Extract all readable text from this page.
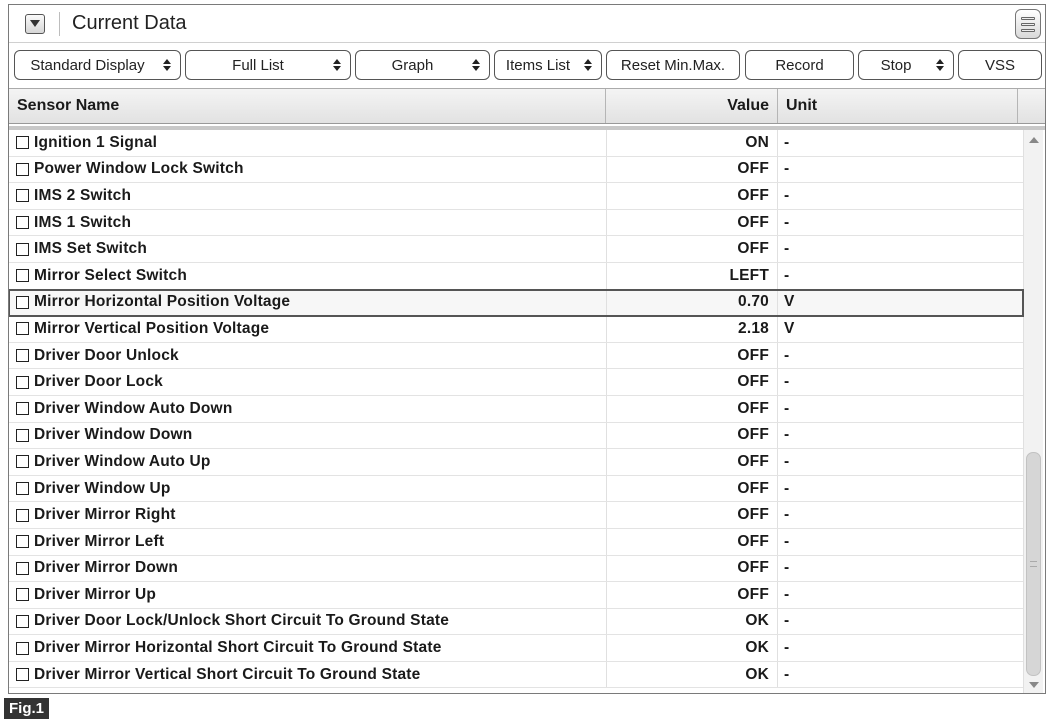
Current Data
Standard Display	Full List	Graph	Items List	Reset Min.Max.	Record	Stop	VSS
Sensor Name	Value	Unit
Ignition 1 Signal	ON -
Power Window Lock Switch	OFF -
IMS 2 Switch	OFF -
IMS 1 Switch	OFF -
IMS Set Switch	OFF -
Mirror Select Switch	LEFT -
Mirror Horizontal Position Voltage	0.70 V
Mirror Vertical Position Voltage	2.18 V
Driver Door Unlock	OFF -
Driver Door Lock	OFF -
Driver Window Auto Down	OFF -
Driver Window Down	OFF -
Driver Window Auto Up	OFF -
Driver Window Up	OFF -
Driver Mirror Right	OFF -
Driver Mirror Left	OFF -
Driver Mirror Down	OFF -
Driver Mirror Up	OFF -
Driver Door Lock/Unlock Short Circuit To Ground State	OK -
Driver Mirror Horizontal Short Circuit To Ground State	OK -
Driver Mirror Vertical Short Circuit To Ground State	OK -
Fig.1
